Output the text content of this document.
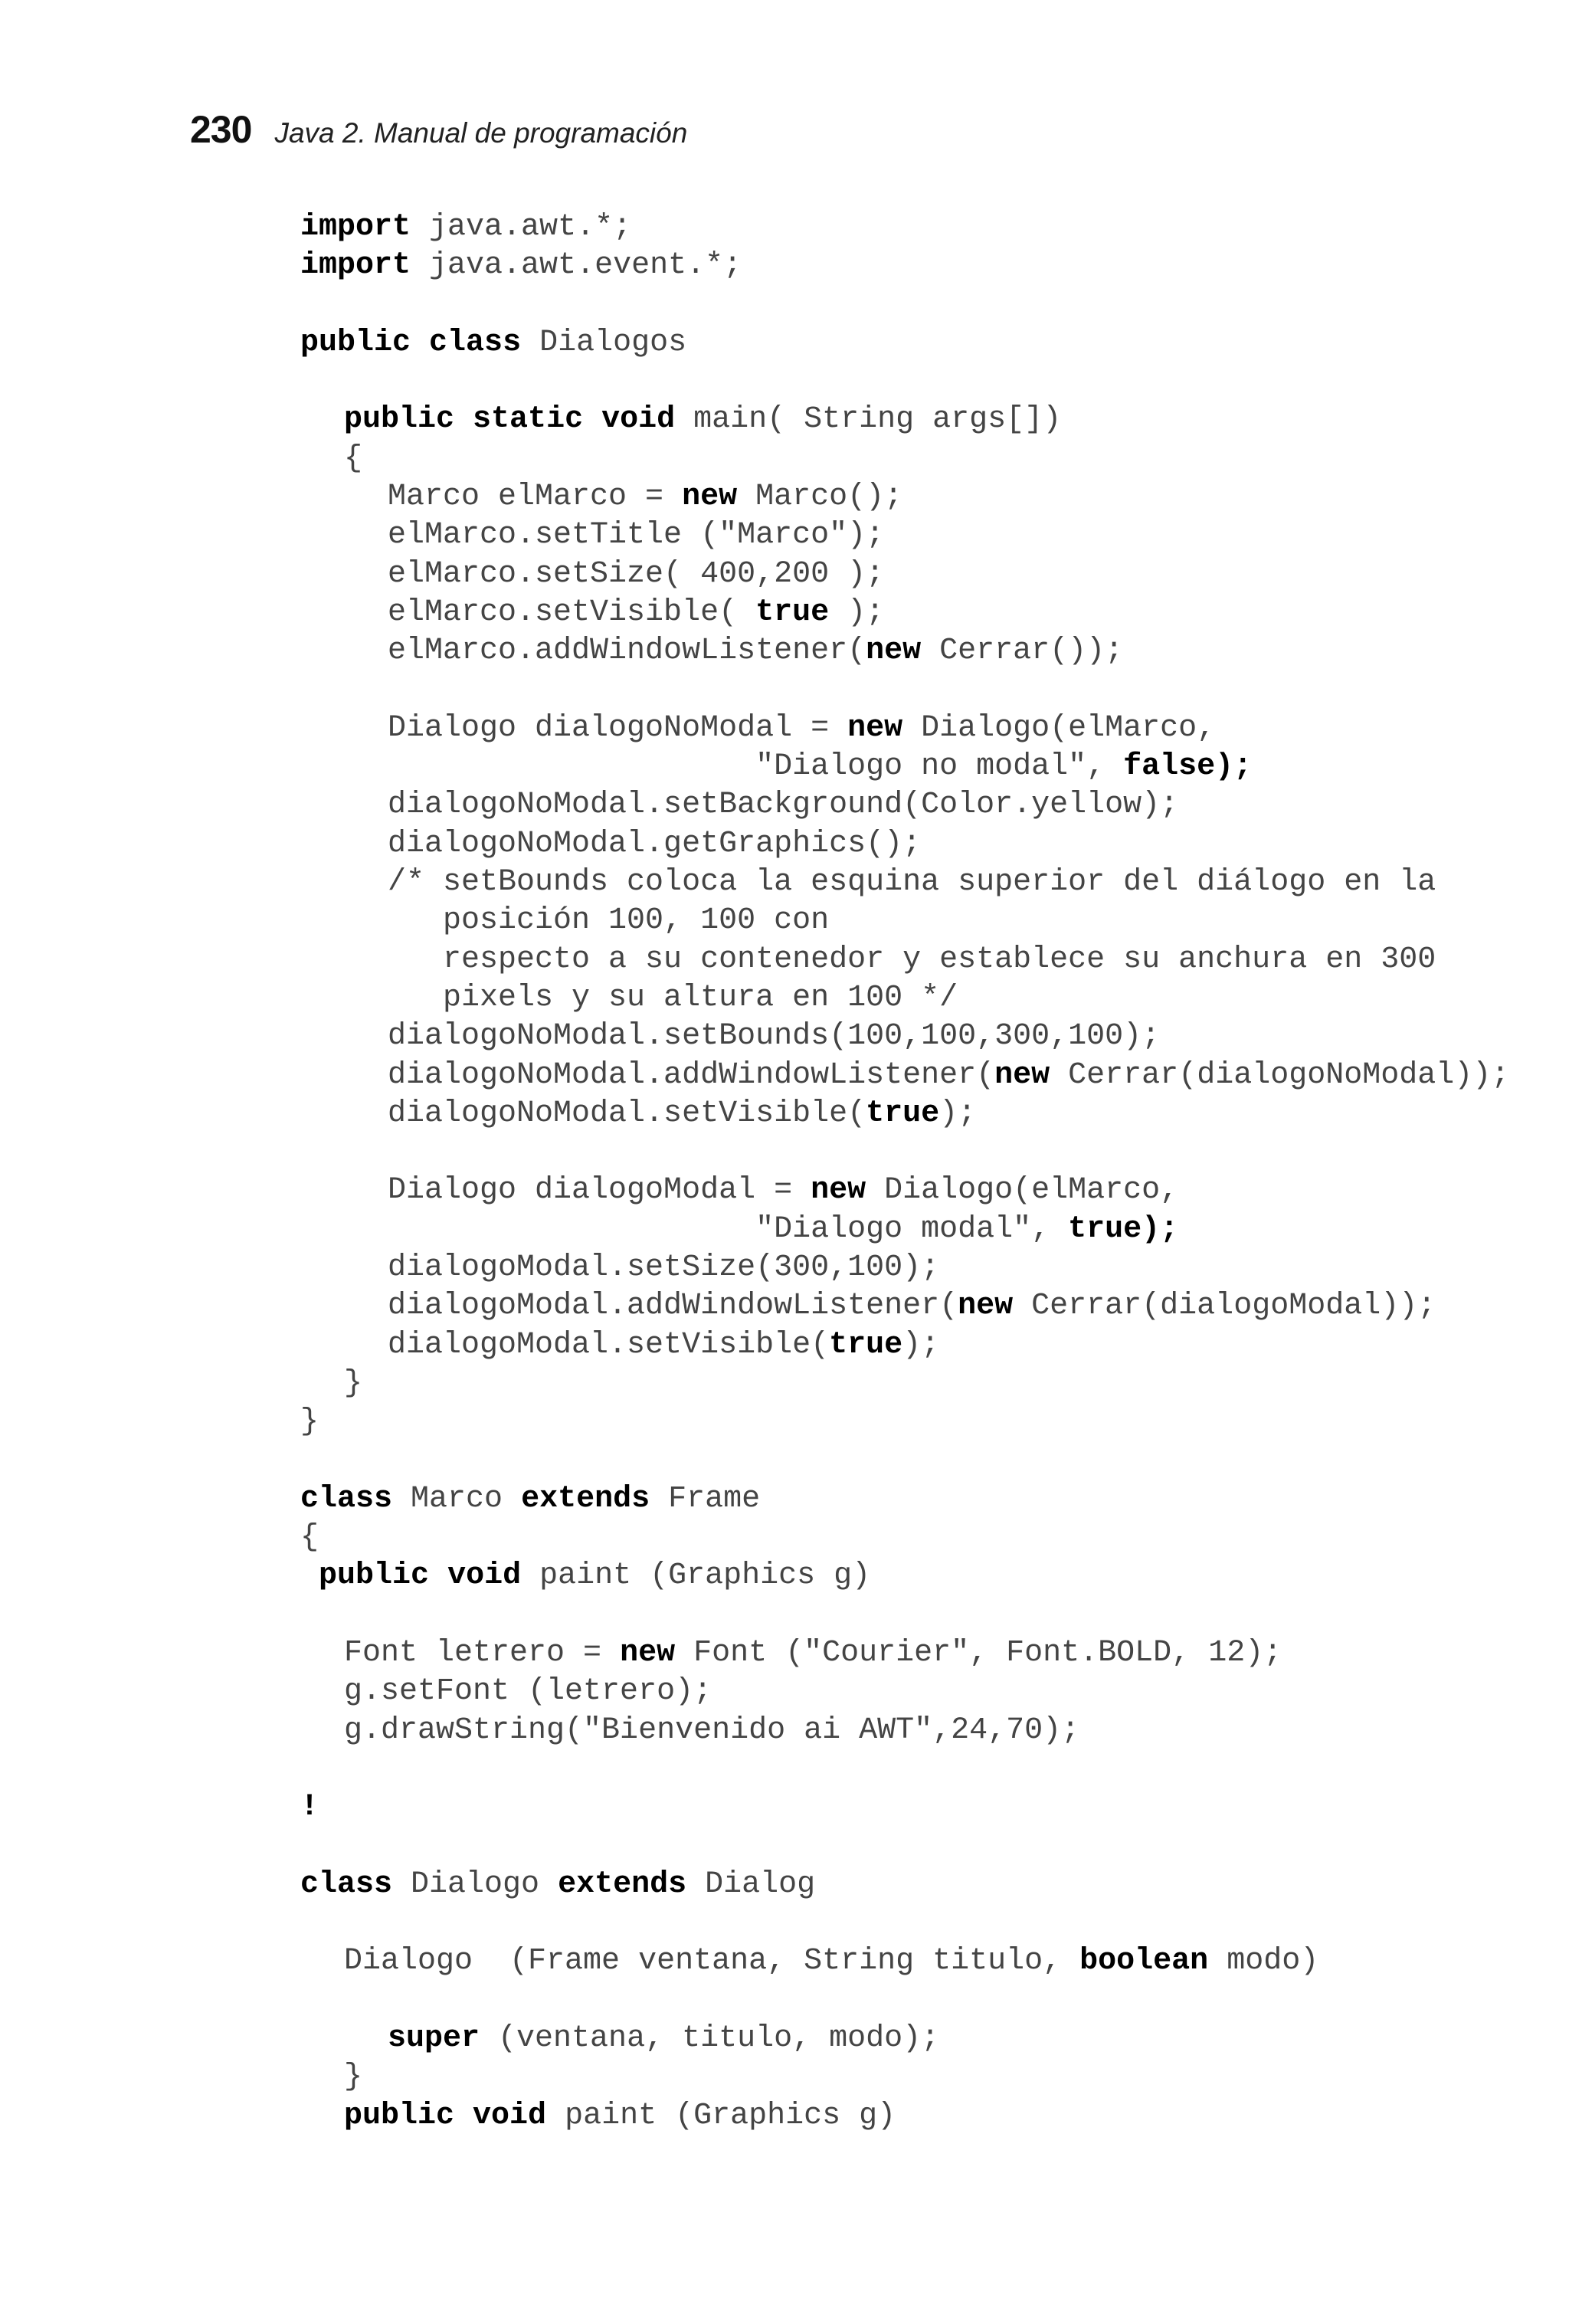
230 Java 2. Manual de programación
import java.awt.*;
import java.awt.event.*;
public class Dialogos
public static void main( String args[])
{
Marco elMarco = new Marco();
elMarco.setTitle ("Marco");
elMarco.setSize( 400,200 );
elMarco.setVisible( true );
elMarco.addWindowListener(new Cerrar());
Dialogo dialogoNoModal = new Dialogo(elMarco,
"Dialogo no modal", false);
dialogoNoModal.setBackground(Color.yellow);
dialogoNoModal.getGraphics();
/* setBounds coloca la esquina superior del diálogo en la
posición 100, 100 con
respecto a su contenedor y establece su anchura en 300
pixels y su altura en 100 */
dialogoNoModal.setBounds(100,100,300,100);
dialogoNoModal.addWindowListener(new Cerrar(dialogoNoModal));
dialogoNoModal.setVisible(true);
Dialogo dialogoModal = new Dialogo(elMarco,
"Dialogo modal", true);
dialogoModal.setSize(300,100);
dialogoModal.addWindowListener(new Cerrar(dialogoModal));
dialogoModal.setVisible(true);
}
}
class Marco extends Frame
{
public void paint (Graphics g)
Font letrero = new Font ("Courier", Font.BOLD, 12);
g.setFont (letrero);
g.drawString("Bienvenido ai AWT",24,70);
!
class Dialogo extends Dialog
Dialogo  (Frame ventana, String titulo, boolean modo)
super (ventana, titulo, modo);
}
public void paint (Graphics g)
